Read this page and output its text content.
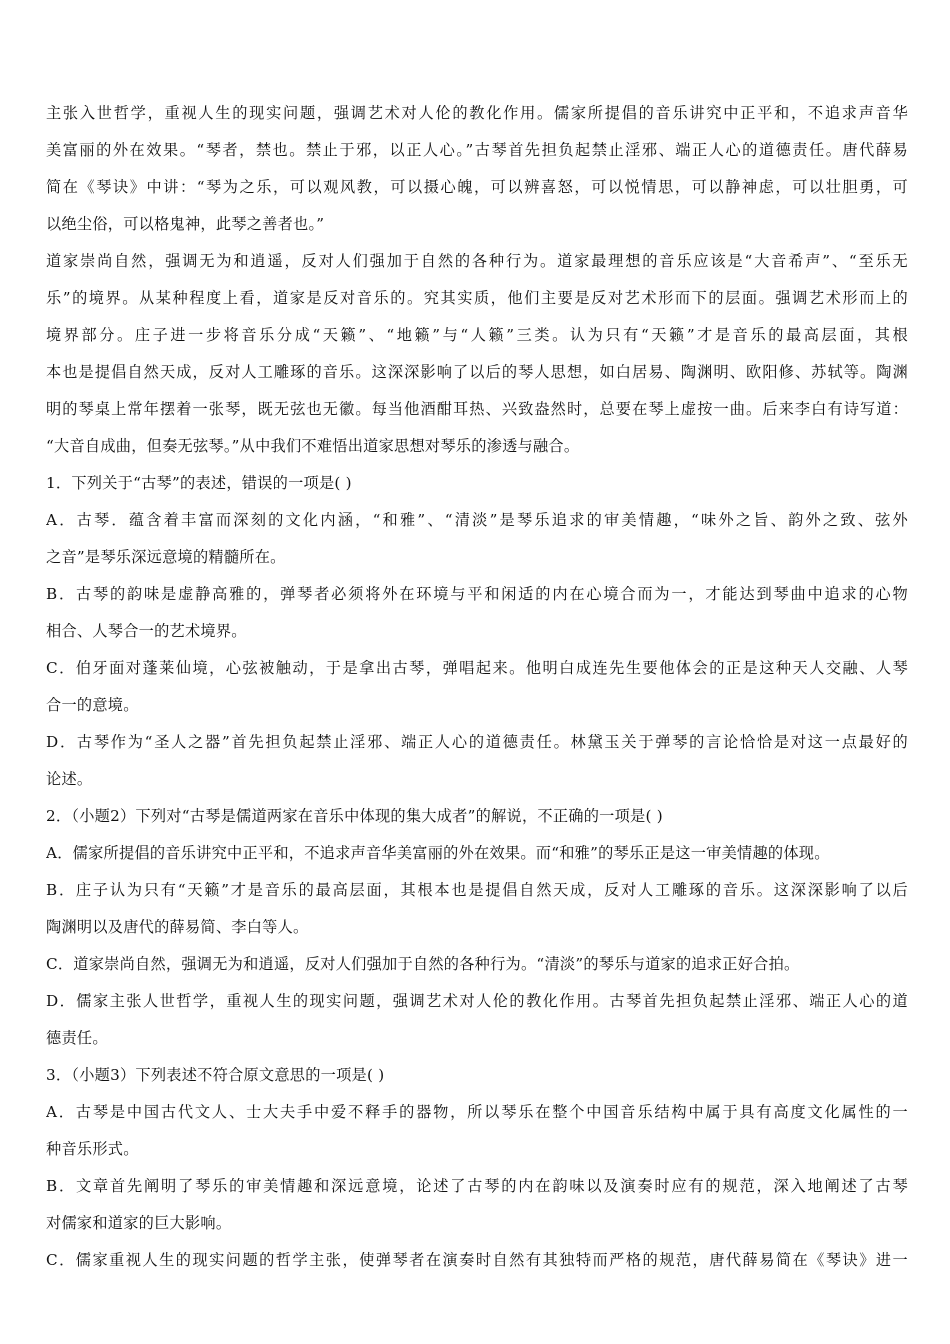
主张入世哲学，重视人生的现实问题，强调艺术对人伦的教化作用。儒家所提倡的音乐讲究中正平和，不追求声音华
美富丽的外在效果。“琴者，禁也。禁止于邪，以正人心。”古琴首先担负起禁止淫邪、端正人心的道德责任。唐代薛易
简在《琴诀》中讲：“琴为之乐，可以观风教，可以摄心魄，可以辨喜怒，可以悦情思，可以静神虑，可以壮胆勇，可
以绝尘俗，可以格鬼神，此琴之善者也。”
道家崇尚自然，强调无为和逍遥，反对人们强加于自然的各种行为。道家最理想的音乐应该是“大音希声”、“至乐无
乐”的境界。从某种程度上看，道家是反对音乐的。究其实质，他们主要是反对艺术形而下的层面。强调艺术形而上的
境界部分。庄子进一步将音乐分成“天籁”、“地籁”与“人籁”三类。认为只有“天籁”才是音乐的最高层面，其根
本也是提倡自然天成，反对人工雕琢的音乐。这深深影响了以后的琴人思想，如白居易、陶渊明、欧阳修、苏轼等。陶渊
明的琴桌上常年摆着一张琴，既无弦也无徽。每当他酒酣耳热、兴致盎然时，总要在琴上虚按一曲。后来李白有诗写道：
“大音自成曲，但奏无弦琴。”从中我们不难悟出道家思想对琴乐的渗透与融合。
1．下列关于“古琴”的表述，错误的一项是( )
A．古琴．蕴含着丰富而深刻的文化内涵，“和雅”、“清淡”是琴乐追求的审美情趣，“味外之旨、韵外之致、弦外
之音”是琴乐深远意境的精髓所在。
B．古琴的韵味是虚静高雅的，弹琴者必须将外在环境与平和闲适的内在心境合而为一，才能达到琴曲中追求的心物
相合、人琴合一的艺术境界。
C．伯牙面对蓬莱仙境，心弦被触动，于是拿出古琴，弹唱起来。他明白成连先生要他体会的正是这种天人交融、人琴
合一的意境。
D．古琴作为“圣人之器”首先担负起禁止淫邪、端正人心的道德责任。林黛玉关于弹琴的言论恰恰是对这一点最好的
论述。
2．（小题2）下列对“古琴是儒道两家在音乐中体现的集大成者”的解说，不正确的一项是( )
A．儒家所提倡的音乐讲究中正平和，不追求声音华美富丽的外在效果。而“和雅”的琴乐正是这一审美情趣的体现。
B．庄子认为只有“天籁”才是音乐的最高层面，其根本也是提倡自然天成，反对人工雕琢的音乐。这深深影响了以后
陶渊明以及唐代的薛易简、李白等人。
C．道家崇尚自然，强调无为和逍遥，反对人们强加于自然的各种行为。“清淡”的琴乐与道家的追求正好合拍。
D．儒家主张人世哲学，重视人生的现实问题，强调艺术对人伦的教化作用。古琴首先担负起禁止淫邪、端正人心的道
德责任。
3．（小题3）下列表述不符合原文意思的一项是( )
A．古琴是中国古代文人、士大夫手中爱不释手的器物，所以琴乐在整个中国音乐结构中属于具有高度文化属性的一
种音乐形式。
B．文章首先阐明了琴乐的审美情趣和深远意境，论述了古琴的内在韵味以及演奏时应有的规范，深入地阐述了古琴
对儒家和道家的巨大影响。
C．儒家重视人生的现实问题的哲学主张，使弹琴者在演奏时自然有其独特而严格的规范，唐代薛易简在《琴诀》进一
